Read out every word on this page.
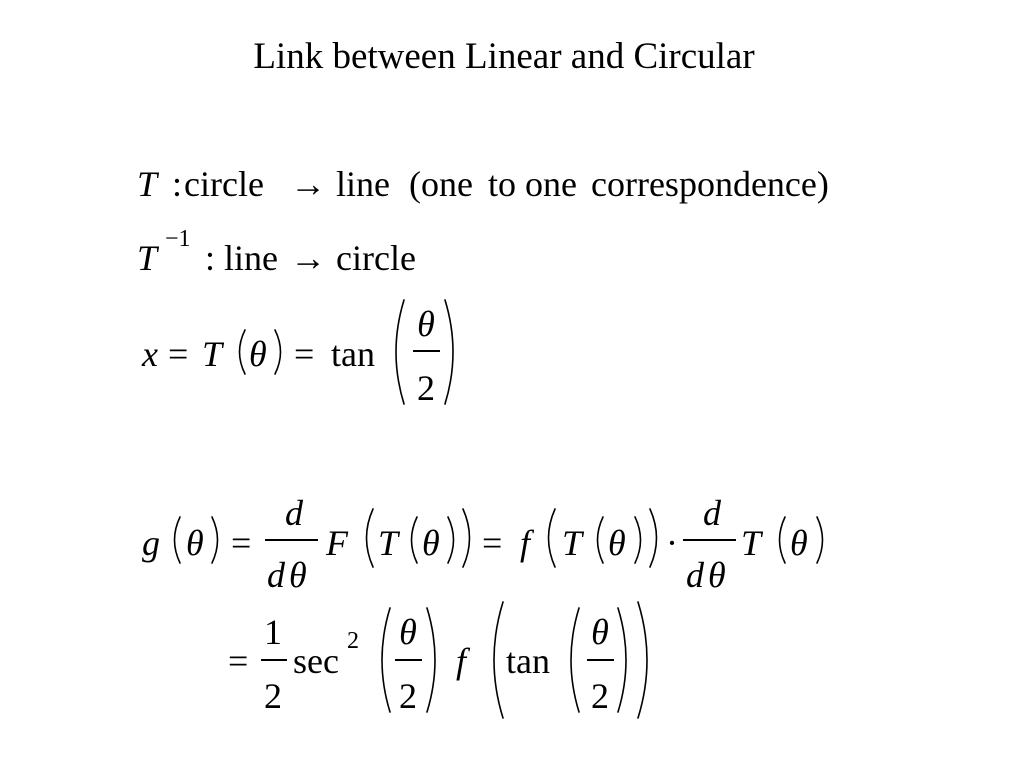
Link between Linear and Circular
T : circle → line (one to one correspondence)
T −1 : line → circle
x = T θ = tan
θ
2
g θ =
d
d θ
F T θ = f T θ ·
d
d θ
T θ
=
1
2
sec 2 θ
2
f tan
θ
2
